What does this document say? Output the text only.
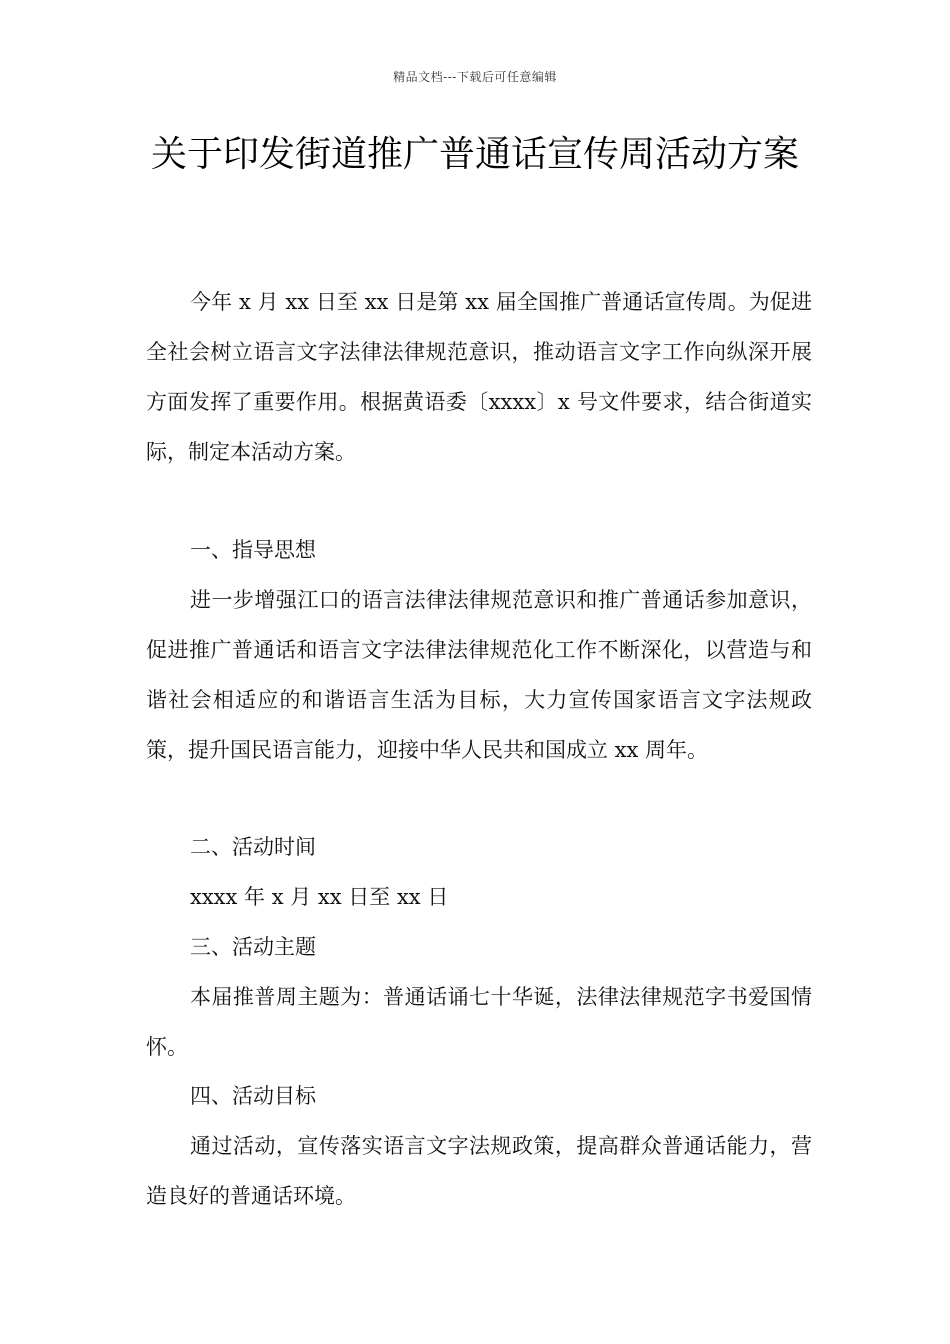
精品文档---下载后可任意编辑
关于印发街道推广普通话宣传周活动方案

今年 x 月 xx 日至 xx 日是第 xx 届全国推广普通话宣传周。为促进全社会树立语言文字法律法律规范意识，推动语言文字工作向纵深开展方面发挥了重要作用。根据黄语委〔xxxx〕x 号文件要求，结合街道实际，制定本活动方案。

一、指导思想

进一步增强江口的语言法律法律规范意识和推广普通话参加意识，促进推广普通话和语言文字法律法律规范化工作不断深化，以营造与和谐社会相适应的和谐语言生活为目标，大力宣传国家语言文字法规政策，提升国民语言能力，迎接中华人民共和国成立 xx 周年。

二、活动时间

xxxx 年 x 月 xx 日至 xx 日

三、活动主题

本届推普周主题为：普通话诵七十华诞，法律法律规范字书爱国情怀。

四、活动目标

通过活动，宣传落实语言文字法规政策，提高群众普通话能力，营造良好的普通话环境。
